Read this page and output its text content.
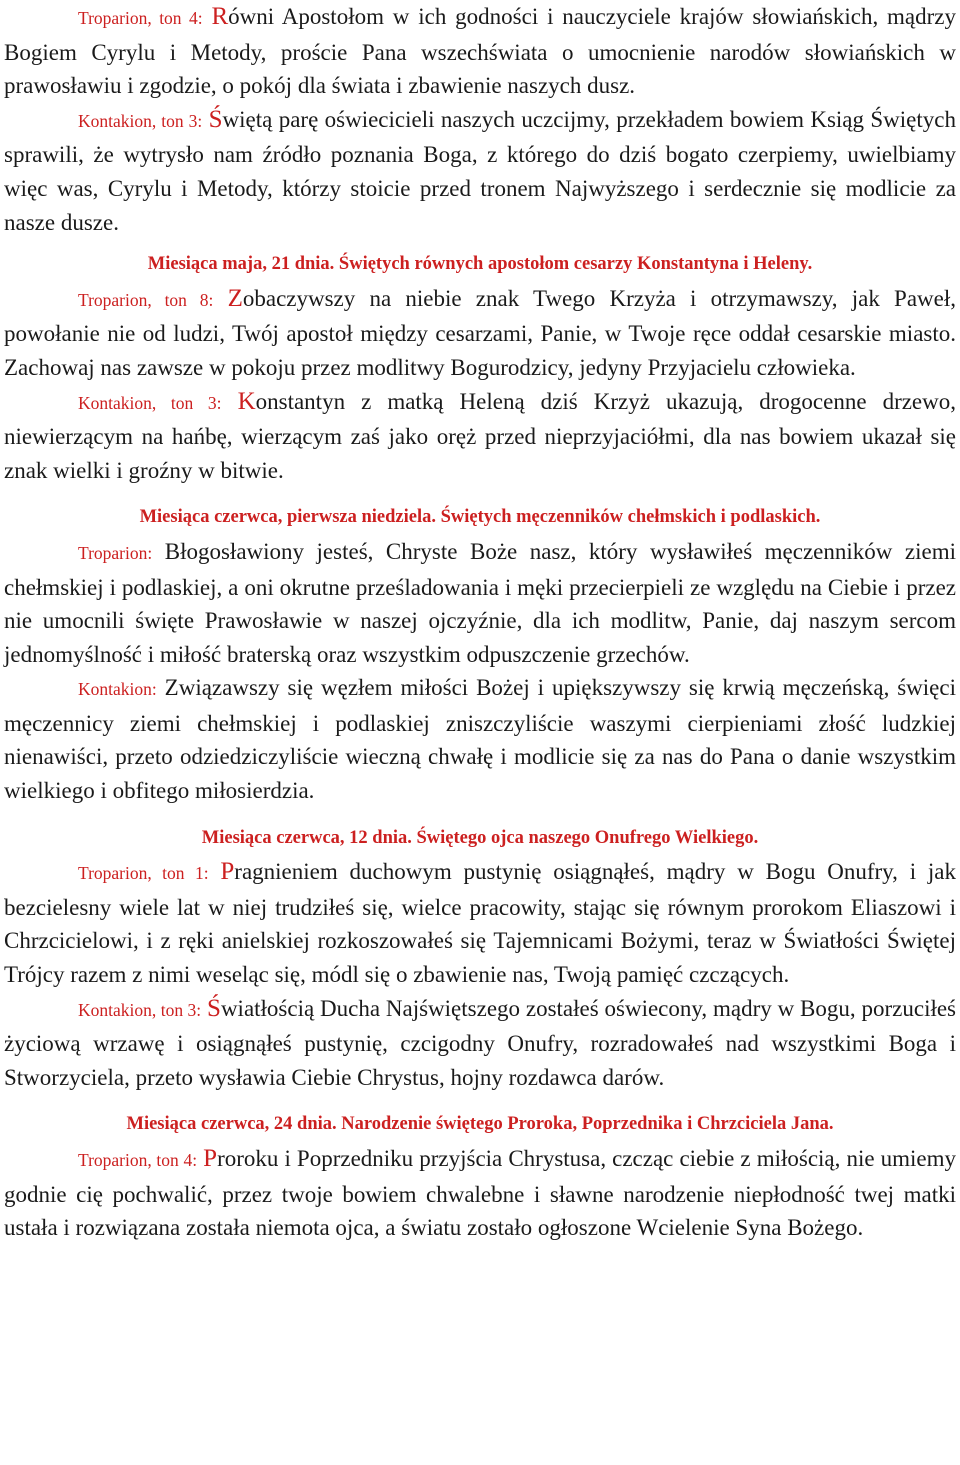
Troparion, ton 4: Równi Apostołom w ich godności i nauczyciele krajów słowiańskich, mądrzy Bogiem Cyrylu i Metody, proście Pana wszechświata o umocnienie narodów słowiańskich w prawosławiu i zgodzie, o pokój dla świata i zbawienie naszych dusz.

Kontakion, ton 3: Świętą parę oświecicieli naszych uczcijmy, przekładem bowiem Ksiąg Świętych sprawili, że wytrysło nam źródło poznania Boga, z którego do dziś bogato czerpiemy, uwielbiamy więc was, Cyrylu i Metody, którzy stoicie przed tronem Najwyższego i serdecznie się modlicie za nasze dusze.

Miesiąca maja, 21 dnia. Świętych równych apostołom cesarzy Konstantyna i Heleny.

Troparion, ton 8: Zobaczywszy na niebie znak Twego Krzyża i otrzymawszy, jak Paweł, powołanie nie od ludzi, Twój apostoł między cesarzami, Panie, w Twoje ręce oddał cesarskie miasto. Zachowaj nas zawsze w pokoju przez modlitwy Bogurodzicy, jedyny Przyjacielu człowieka.

Kontakion, ton 3: Konstantyn z matką Heleną dziś Krzyż ukazują, drogocenne drzewo, niewierzącym na hańbę, wierzącym zaś jako oręż przed nieprzyjaciółmi, dla nas bowiem ukazał się znak wielki i groźny w bitwie.

Miesiąca czerwca, pierwsza niedziela. Świętych męczenników chełmskich i podlaskich.

Troparion: Błogosławiony jesteś, Chryste Boże nasz, który wysławiłeś męczenników ziemi chełmskiej i podlaskiej, a oni okrutne prześladowania i męki przecierpieli ze względu na Ciebie i przez nie umocnili święte Prawosławie w naszej ojczyźnie, dla ich modlitw, Panie, daj naszym sercom jednomyślność i miłość braterską oraz wszystkim odpuszczenie grzechów.

Kontakion: Związawszy się węzłem miłości Bożej i upiększywszy się krwią męczeńską, święci męczennicy ziemi chełmskiej i podlaskiej zniszczyliście waszymi cierpieniami złość ludzkiej nienawiści, przeto odziedziczyliście wieczną chwałę i modlicie się za nas do Pana o danie wszystkim wielkiego i obfitego miłosierdzia.

Miesiąca czerwca, 12 dnia. Świętego ojca naszego Onufrego Wielkiego.

Troparion, ton 1: Pragnieniem duchowym pustynię osiągnąłeś, mądry w Bogu Onufry, i jak bezcielesny wiele lat w niej trudziłeś się, wielce pracowity, stając się równym prorokom Eliaszowi i Chrzcicielowi, i z ręki anielskiej rozkoszowałeś się Tajemnicami Bożymi, teraz w Światłości Świętej Trójcy razem z nimi weseląc się, módl się o zbawienie nas, Twoją pamięć czczących.

Kontakion, ton 3: Światłością Ducha Najświętszego zostałeś oświecony, mądry w Bogu, porzuciłeś życiową wrzawę i osiągnąłeś pustynię, czcigodny Onufry, rozradowałeś nad wszystkimi Boga i Stworzyciela, przeto wysławia Ciebie Chrystus, hojny rozdawca darów.

Miesiąca czerwca, 24 dnia. Narodzenie świętego Proroka, Poprzednika i Chrzciciela Jana.

Troparion, ton 4: Proroku i Poprzedniku przyjścia Chrystusa, czcząc ciebie z miłością, nie umiemy godnie cię pochwalić, przez twoje bowiem chwalebne i sławne narodzenie niepłodność twej matki ustała i rozwiązana została niemota ojca, a światu zostało ogłoszone Wcielenie Syna Bożego.
